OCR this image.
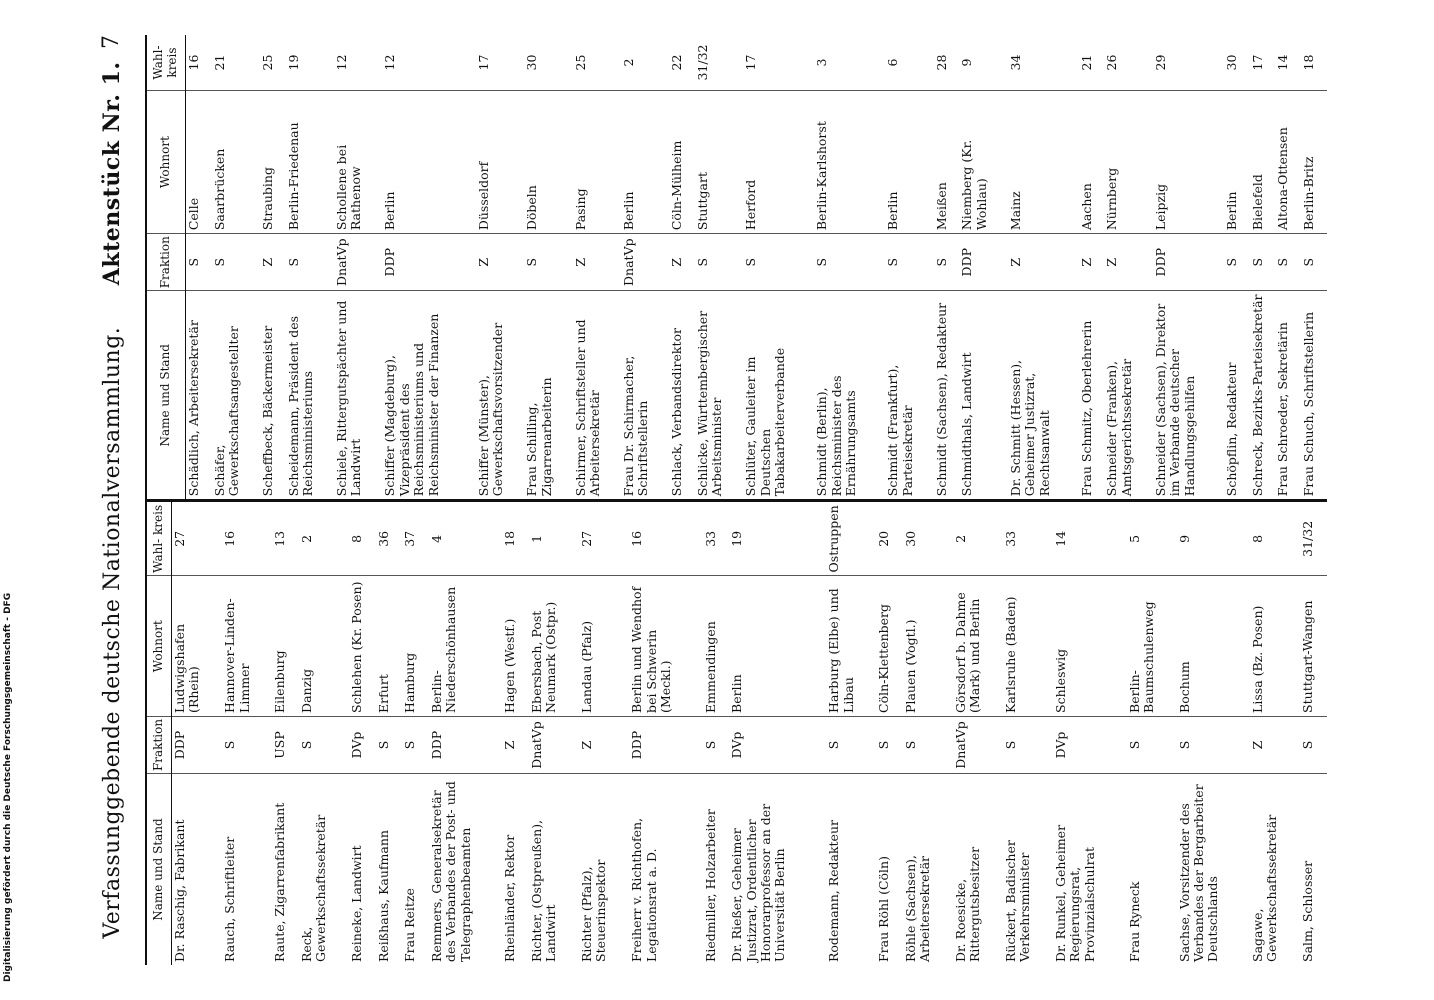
Digitalisierung gefördert durch die Deutsche Forschungsgemeinschaft - DFG	Verfassunggebende deutsche Nationalversammlung. Aktenstück Nr. 1.
7
Name und Stand	Fraktion	Wohnort	Wahl- kreis
Dr. Raschig, Fabrikant	DDP	Ludwigshafen (Rhein)	27
Rauch, Schriftleiter	S	Hannover-Linden-Limmer	16
Raute, Zigarrenfabrikant	USP	Eilenburg	13
Reck, Gewerkschaftssekretär	S	Danzig	2
Reineke, Landwirt	DVp	Schlehen (Kr. Posen)	8
Reißhaus, Kaufmann	S	Erfurt	36
Frau Reitze	S	Hamburg	37
Remmers, Generalsekretär des Verbandes der Post- und Telegraphenbeamten	DDP	Berlin-Niederschönhausen	4
Rheinländer, Rektor	Z	Hagen (Westf.)	18
Richter, (Ostpreußen), Landwirt	DnatVp	Ebersbach, Post Neumark (Ostpr.)	1
Richter (Pfalz), Steuerinspektor	Z	Landau (Pfalz)	27
Freiherr v. Richthofen, Legationsrat a. D.	DDP	Berlin und Wendhof bei Schwerin (Meckl.)	16
Riedmiller, Holzarbeiter	S	Emmendingen	33
Dr. Rießer, Geheimer Justizrat, Ordentlicher Honorarprofessor an der Universität Berlin	DVp	Berlin	19
Rodemann, Redakteur	S	Harburg (Elbe) und Libau	Ostruppen
Frau Röhl (Cöln)	S	Cöln-Klettenberg	20
Röhle (Sachsen), Arbeitersekretär	S	Plauen (Vogtl.)	30
Dr. Roesicke, Rittergutsbesitzer	DnatVp	Görsdorf b. Dahme (Mark) und Berlin	2
Rückert, Badischer Verkehrsminister	S	Karlsruhe (Baden)	33
Dr. Runkel, Geheimer Regierungsrat, Provinzialschulrat	DVp	Schleswig	14
Frau Ryneck	S	Berlin-Baumschulenweg	5
Sachse, Vorsitzender des Verbandes der Bergarbeiter Deutschlands	S	Bochum	9
Sagawe, Gewerkschaftssekretär	Z	Lissa (Bz. Posen)	8
Salm, Schlosser	S	Stuttgart-Wangen	31/32
Name und Stand	Fraktion	Wohnort	Wahl- kreis
Schädlich, Arbeitersekretär	S	Celle	16
Schäfer, Gewerkschaftsangestellter	S	Saarbrücken	21
Scheffbeck, Bäckermeister	Z	Straubing	25
Scheidemann, Präsident des Reichsministeriums	S	Berlin-Friedenau	19
Schiele, Rittergutspächter und Landwirt	DnatVp	Schollene bei Rathenow	12
Schiffer (Magdeburg), Vizepräsident des Reichsministeriums und Reichsminister der Finanzen	DDP	Berlin	12
Schiffer (Münster), Gewerkschaftsvorsitzender	Z	Düsseldorf	17
Frau Schilling, Zigarrenarbeiterin	S	Döbeln	30
Schirmer, Schriftsteller und Arbeitersekretär	Z	Pasing	25
Frau Dr. Schirmacher, Schriftstellerin	DnatVp	Berlin	2
Schlack, Verbandsdirektor	Z	Cöln-Mülheim	22
Schlicke, Württembergischer Arbeitsminister	S	Stuttgart	31/32
Schlüter, Gauleiter im Deutschen Tabakarbeiterverbande	S	Herford	17
Schmidt (Berlin), Reichsminister des Ernährungsamts	S	Berlin-Karlshorst	3
Schmidt (Frankfurt), Parteisekretär	S	Berlin	6
Schmidt (Sachsen), Redakteur	S	Meißen	28
Schmidthals, Landwirt	DDP	Niemberg (Kr. Wohlau)	9
Dr. Schmitt (Hessen), Geheimer Justizrat, Rechtsanwalt	Z	Mainz	34
Frau Schmitz, Oberlehrerin	Z	Aachen	21
Schneider (Franken), Amtsgerichtssekretär	Z	Nürnberg	26
Schneider (Sachsen), Direktor im Verbande deutscher Handlungsgehilfen	DDP	Leipzig	29
Schöpflin, Redakteur	S	Berlin	30
Schreck, Bezirks-Parteisekretär	S	Bielefeld	17
Frau Schroeder, Sekretärin	S	Altona-Ottensen	14
Frau Schuch, Schriftstellerin	S	Berlin-Britz	18
